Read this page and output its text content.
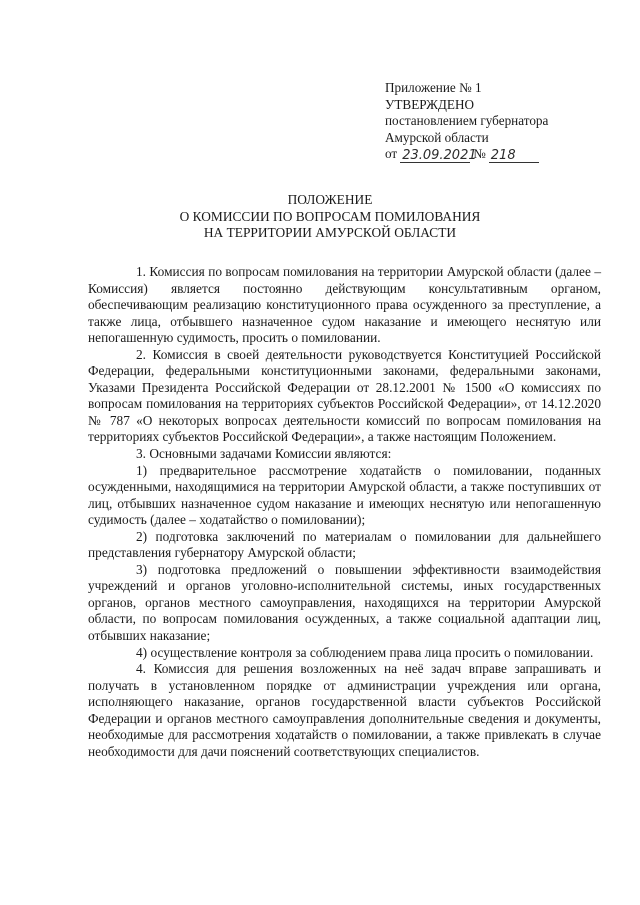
Приложение № 1
УТВЕРЖДЕНО
постановлением губернатора
Амурской области
от 23.09.2021
№ 218
ПОЛОЖЕНИЕ
О КОМИССИИ ПО ВОПРОСАМ ПОМИЛОВАНИЯ
НА ТЕРРИТОРИИ АМУРСКОЙ ОБЛАСТИ

1. Комиссия по вопросам помилования на территории Амурской области (далее – Комиссия) является постоянно действующим консультативным органом, обеспечивающим реализацию конституционного права осужденного за преступление, а также лица, отбывшего назначенное судом наказание и имеющего неснятую или непогашенную судимость, просить о помиловании.

2. Комиссия в своей деятельности руководствуется Конституцией Российской Федерации, федеральными конституционными законами, федеральными законами, Указами Президента Российской Федерации от 28.12.2001 № 1500 «О комиссиях по вопросам помилования на территориях субъектов Российской Федерации», от 14.12.2020 № 787 «О некоторых вопросах деятельности комиссий по вопросам помилования на территориях субъектов Российской Федерации», а также настоящим Положением.

3. Основными задачами Комиссии являются:

1) предварительное рассмотрение ходатайств о помиловании, поданных осужденными, находящимися на территории Амурской области, а также поступивших от лиц, отбывших назначенное судом наказание и имеющих неснятую или непогашенную судимость (далее – ходатайство о помиловании);

2) подготовка заключений по материалам о помиловании для дальнейшего представления губернатору Амурской области;

3) подготовка предложений о повышении эффективности взаимодействия учреждений и органов уголовно-исполнительной системы, иных государственных органов, органов местного самоуправления, находящихся на территории Амурской области, по вопросам помилования осужденных, а также социальной адаптации лиц, отбывших наказание;

4) осуществление контроля за соблюдением права лица просить о помиловании.

4. Комиссия для решения возложенных на неё задач вправе запрашивать и получать в установленном порядке от администрации учреждения или органа, исполняющего наказание, органов государственной власти субъектов Российской Федерации и органов местного самоуправления дополнительные сведения и документы, необходимые для рассмотрения ходатайств о помиловании, а также привлекать в случае необходимости для дачи пояснений соответствующих специалистов.
